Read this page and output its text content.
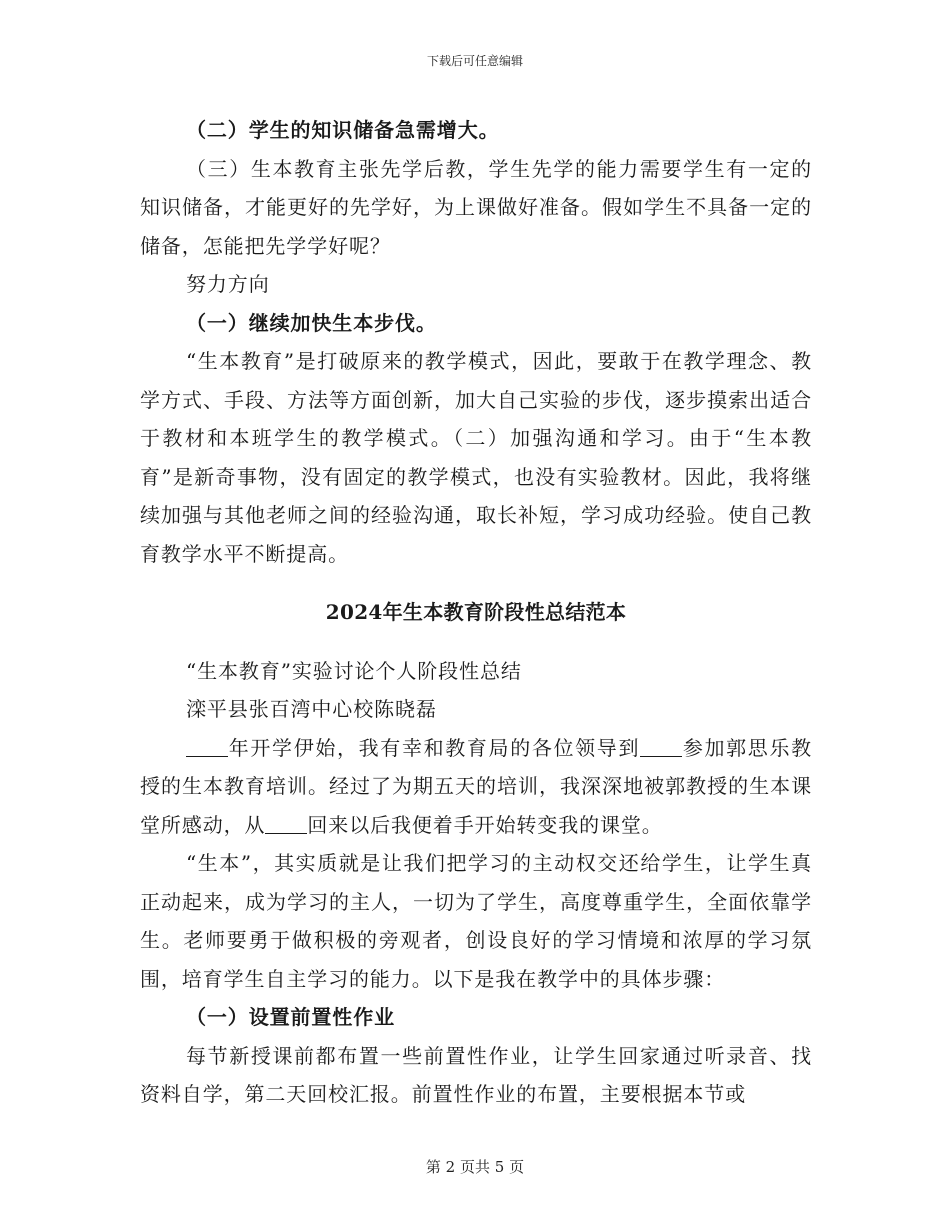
下载后可任意编辑

（二）学生的知识储备急需增大。

（三）生本教育主张先学后教，学生先学的能力需要学生有一定的知识储备，才能更好的先学好，为上课做好准备。假如学生不具备一定的储备，怎能把先学学好呢？

努力方向

（一）继续加快生本步伐。

“生本教育”是打破原来的教学模式，因此，要敢于在教学理念、教学方式、手段、方法等方面创新，加大自己实验的步伐，逐步摸索出适合于教材和本班学生的教学模式。（二）加强沟通和学习。由于“生本教育”是新奇事物，没有固定的教学模式，也没有实验教材。因此，我将继续加强与其他老师之间的经验沟通，取长补短，学习成功经验。使自己教育教学水平不断提高。

2024年生本教育阶段性总结范本

“生本教育”实验讨论个人阶段性总结

滦平县张百湾中心校陈晓磊

年开学伊始，我有幸和教育局的各位领导到 参加郭思乐教授的生本教育培训。经过了为期五天的培训，我深深地被郭教授的生本课堂所感动，从 回来以后我便着手开始转变我的课堂。

“生本”，其实质就是让我们把学习的主动权交还给学生，让学生真正动起来，成为学习的主人，一切为了学生，高度尊重学生，全面依靠学生。老师要勇于做积极的旁观者，创设良好的学习情境和浓厚的学习氛围，培育学生自主学习的能力。以下是我在教学中的具体步骤：

（一）设置前置性作业

每节新授课前都布置一些前置性作业，让学生回家通过听录音、找资料自学，第二天回校汇报。前置性作业的布置，主要根据本节或

第 2 页共 5 页
